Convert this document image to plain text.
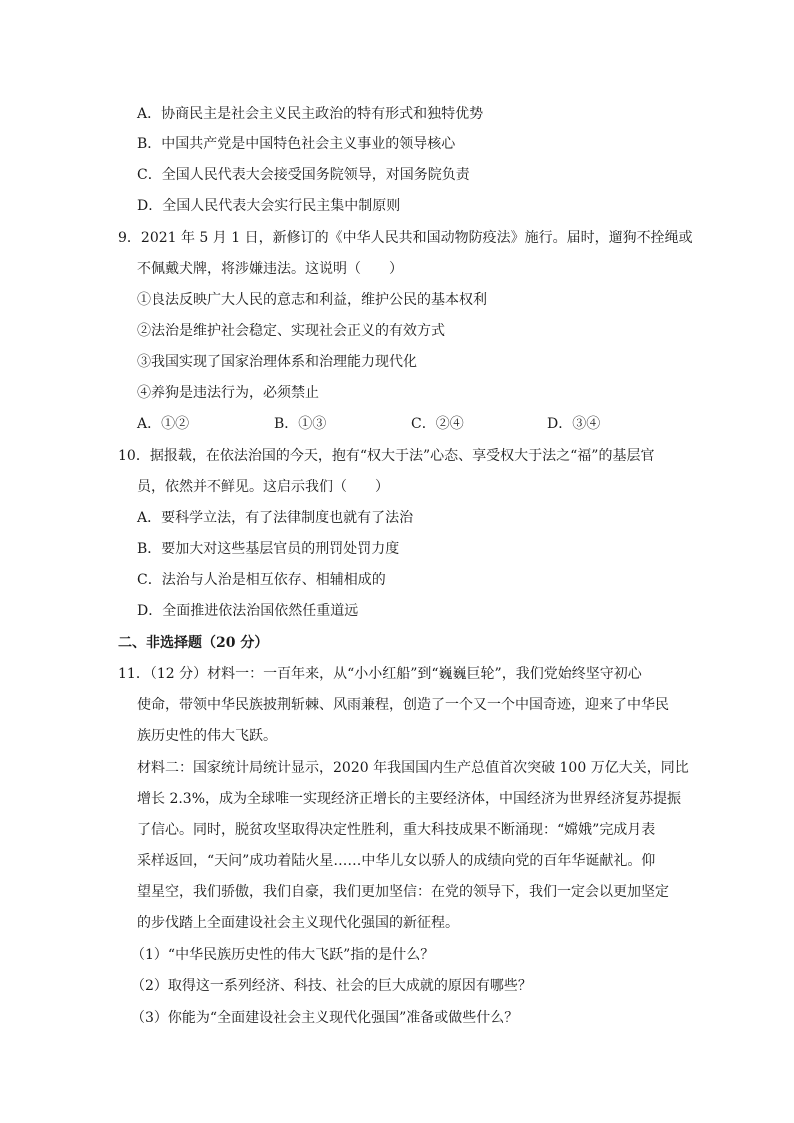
A．协商民主是社会主义民主政治的特有形式和独特优势
B．中国共产党是中国特色社会主义事业的领导核心
C．全国人民代表大会接受国务院领导，对国务院负责
D．全国人民代表大会实行民主集中制原则
9．2021 年 5 月 1 日，新修订的《中华人民共和国动物防疫法》施行。届时，遛狗不拴绳或
不佩戴犬牌，将涉嫌违法。这说明（　　）
①良法反映广大人民的意志和利益，维护公民的基本权利
②法治是维护社会稳定、实现社会正义的有效方式
③我国实现了国家治理体系和治理能力现代化
④养狗是违法行为，必须禁止
A．①②	B．①③	C．②④	D．③④
10．据报载，在依法治国的今天，抱有“权大于法”心态、享受权大于法之“福”的基层官
员，依然并不鲜见。这启示我们（　　）
A．要科学立法，有了法律制度也就有了法治
B．要加大对这些基层官员的刑罚处罚力度
C．法治与人治是相互依存、相辅相成的
D．全面推进依法治国依然任重道远
二、非选择题（20 分）
11．（12 分）材料一：一百年来，从“小小红船”到“巍巍巨轮”，我们党始终坚守初心
使命，带领中华民族披荆斩棘、风雨兼程，创造了一个又一个中国奇迹，迎来了中华民
族历史性的伟大飞跃。
材料二：国家统计局统计显示，2020 年我国国内生产总值首次突破 100 万亿大关，同比
增长 2.3%，成为全球唯一实现经济正增长的主要经济体，中国经济为世界经济复苏提振
了信心。同时，脱贫攻坚取得决定性胜利，重大科技成果不断涌现：“嫦娥”完成月表
采样返回，“天问”成功着陆火星……中华儿女以骄人的成绩向党的百年华诞献礼。仰
望星空，我们骄傲，我们自豪，我们更加坚信：在党的领导下，我们一定会以更加坚定
的步伐踏上全面建设社会主义现代化强国的新征程。
（1）“中华民族历史性的伟大飞跃”指的是什么？
（2）取得这一系列经济、科技、社会的巨大成就的原因有哪些？
（3）你能为“全面建设社会主义现代化强国”准备或做些什么？
